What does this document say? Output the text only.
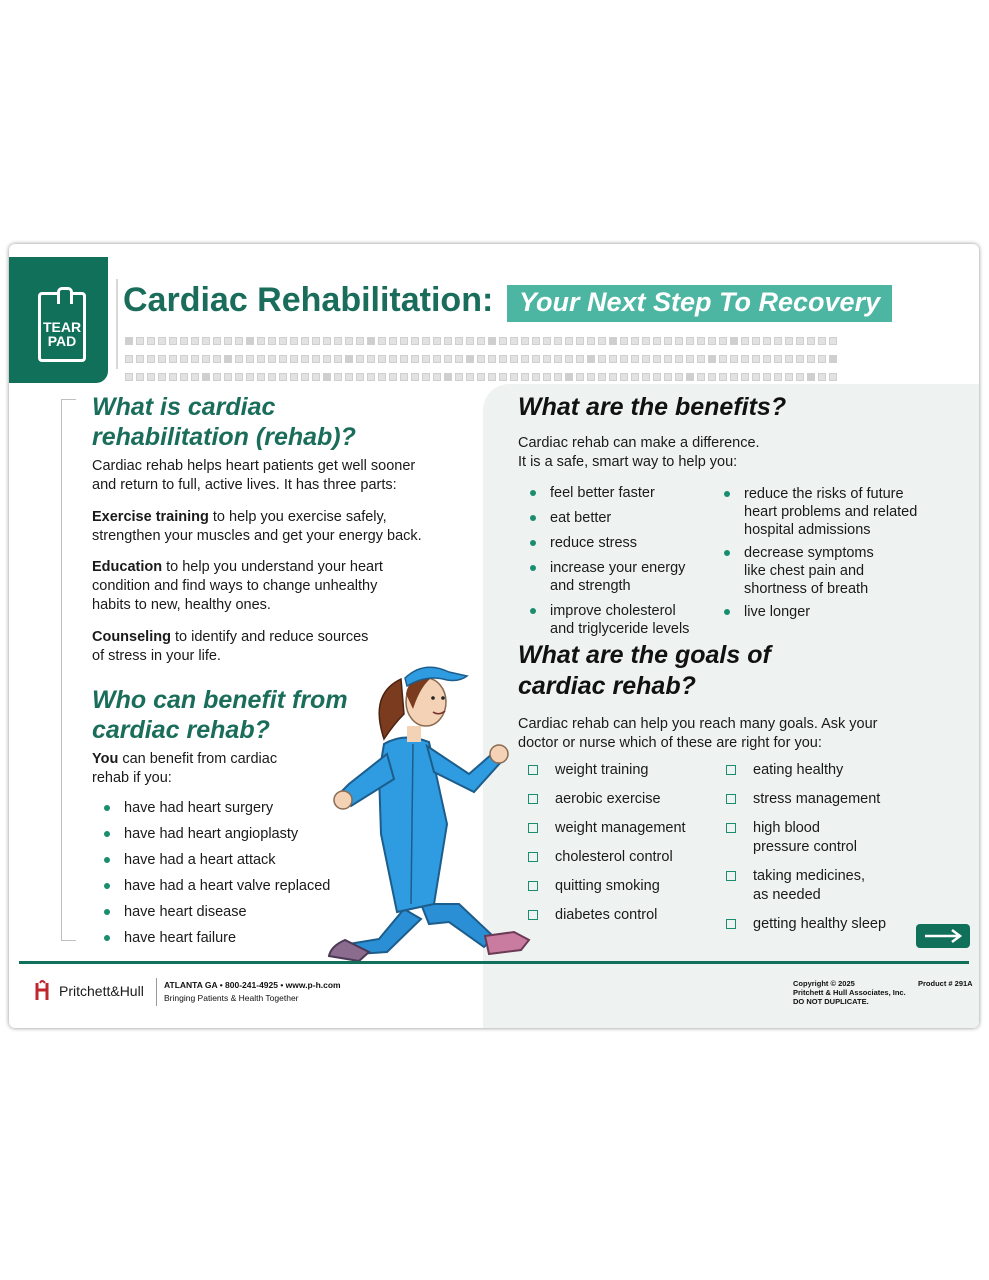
TEAR
PAD
Cardiac Rehabilitation: Your Next Step To Recovery

What is cardiac
rehabilitation (rehab)?

Cardiac rehab helps heart patients get well sooner
and return to full, active lives. It has three parts:

Exercise training to help you exercise safely,
strengthen your muscles and get your energy back.

Education to help you understand your heart
condition and find ways to change unhealthy
habits to new, healthy ones.

Counseling to identify and reduce sources
of stress in your life.

Who can benefit from
cardiac rehab?

You can benefit from cardiac
rehab if you:

have had heart surgery
have had heart angioplasty
have had a heart attack
have had a heart valve replaced
have heart disease
have heart failure
What are the benefits?

Cardiac rehab can make a difference.
It is a safe, smart way to help you:

feel better faster
eat better
reduce stress
increase your energy
and strength
improve cholesterol
and triglyceride levels
reduce the risks of future
heart problems and related
hospital admissions
decrease symptoms
like chest pain and
shortness of breath
live longer
What are the goals of
cardiac rehab?

Cardiac rehab can help you reach many goals. Ask your
doctor or nurse which of these are right for you:

weight training
aerobic exercise
weight management
cholesterol control
quitting smoking
diabetes control
eating healthy
stress management
high blood
pressure control
taking medicines,
as needed
getting healthy sleep
Pritchett&Hull ATLANTA GA • 800-241-4925 • www.p-h.com
Bringing Patients & Health Together
Copyright © 2025
Pritchett & Hull Associates, Inc.
DO NOT DUPLICATE.
Product # 291A
